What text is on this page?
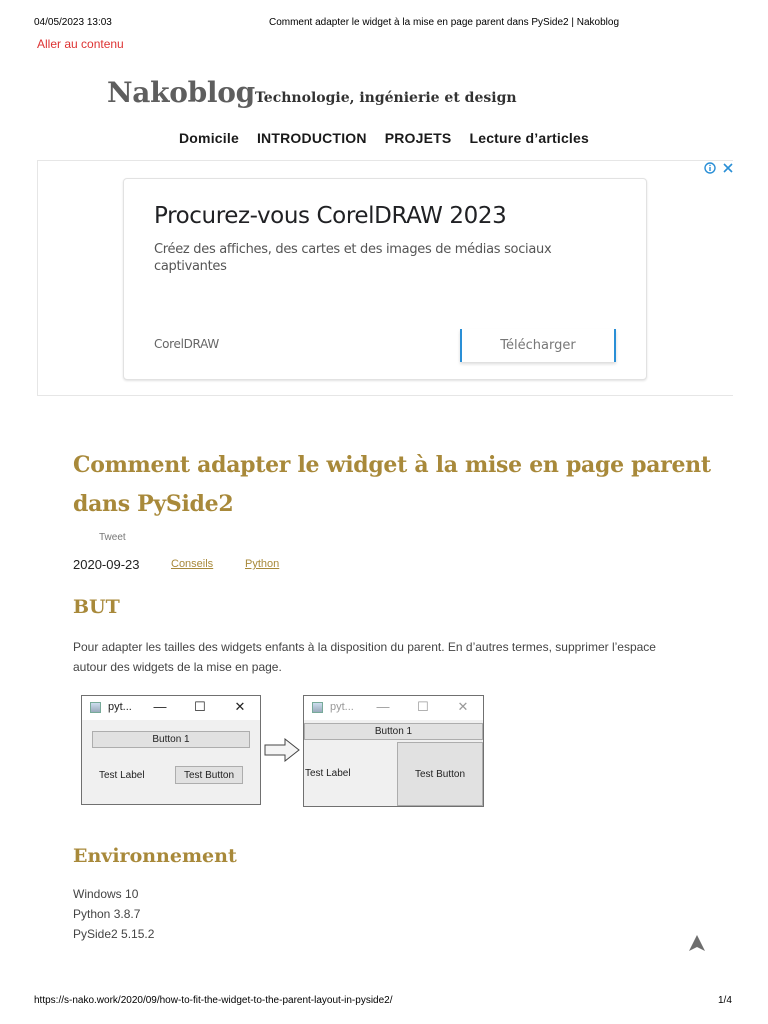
04/05/2023 13:03	Comment adapter le widget à la mise en page parent dans PySide2 | Nakoblog
Aller au contenu
Nakoblog Technologie, ingénierie et design
Domicile INTRODUCTION PROJETS Lecture d’articles
Procurez-vous CorelDRAW 2023
Créez des affiches, des cartes et des images de médias sociaux captivantes
CorelDRAW	Télécharger
Comment adapter le widget à la mise en page parent dans PySide2
Tweet
2020-09-23	Conseils	Python
BUT

Pour adapter les tailles des widgets enfants à la disposition du parent. En d’autres termes, supprimer l’espace autour des widgets de la mise en page.

pyt...	—	☐	✕
Button 1
Test Label	Test Button
pyt...	—	☐	✕
Button 1
Test Label	Test Button
Environnement
Windows 10
Python 3.8.7
PySide2 5.15.2
https://s-nako.work/2020/09/how-to-fit-the-widget-to-the-parent-layout-in-pyside2/	1/4
